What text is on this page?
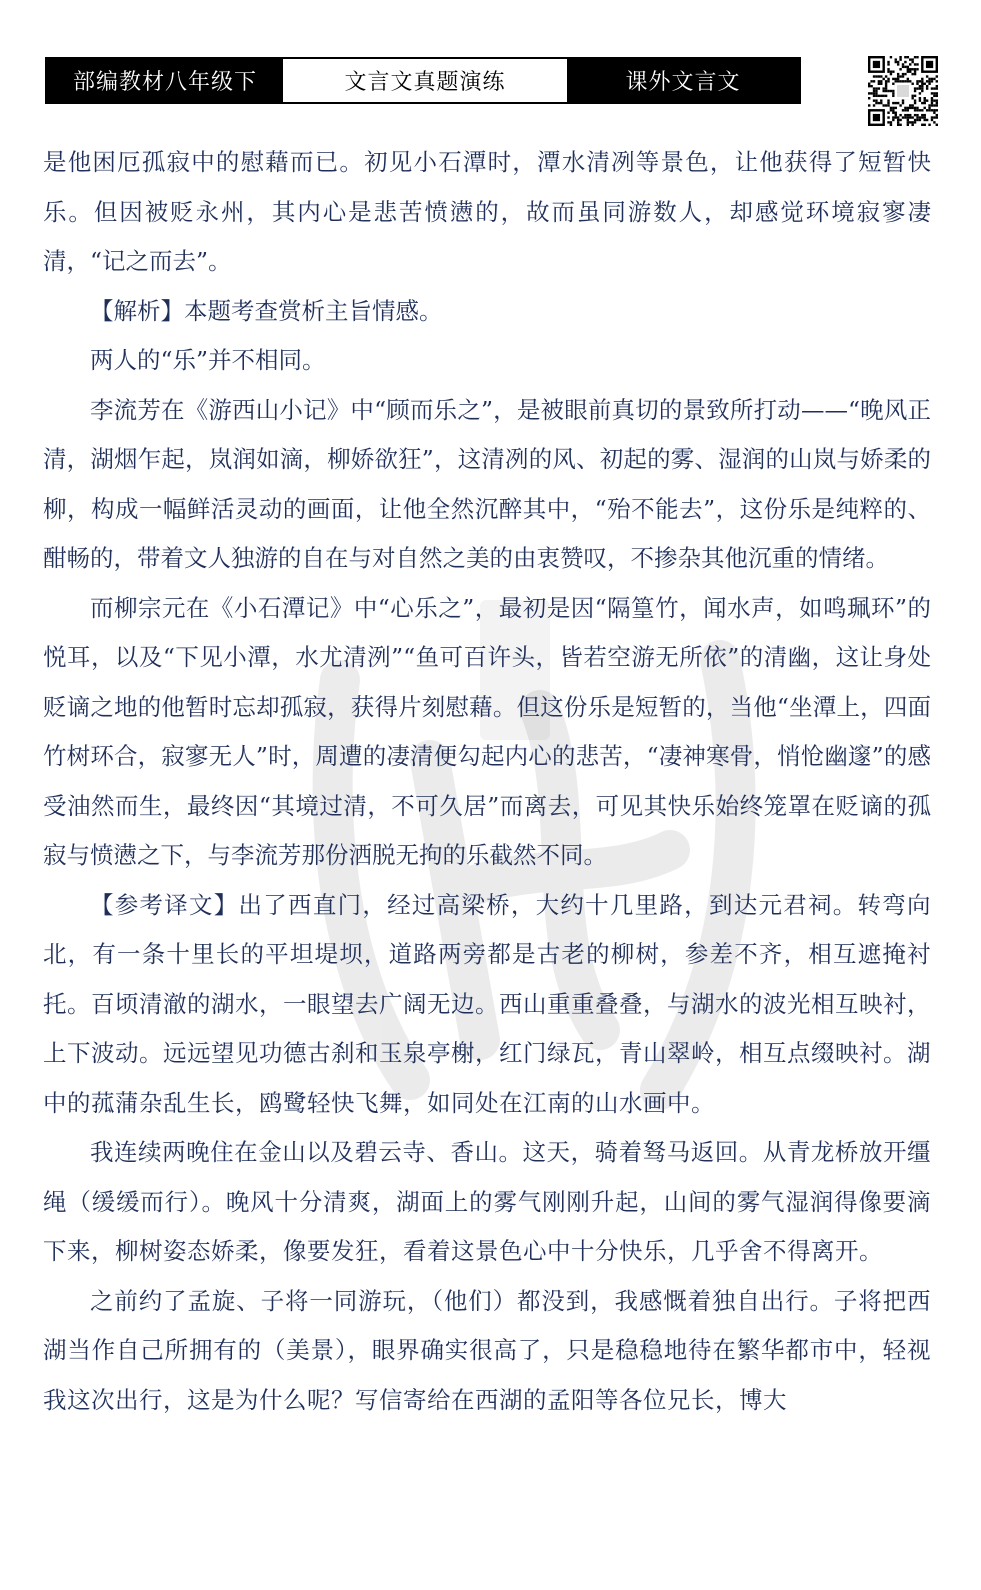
部编教材八年级下	文言文真题演练	课外文言文

是他困厄孤寂中的慰藉而已。初见小石潭时，潭水清冽等景色，让他获得了短暂快乐。但因被贬永州，其内心是悲苦愤懑的，故而虽同游数人，却感觉环境寂寥凄清，“记之而去”。

【解析】本题考查赏析主旨情感。

两人的“乐”并不相同。

李流芳在《游西山小记》中“顾而乐之”，是被眼前真切的景致所打动——“晚风正清，湖烟乍起，岚润如滴，柳娇欲狂”，这清冽的风、初起的雾、湿润的山岚与娇柔的柳，构成一幅鲜活灵动的画面，让他全然沉醉其中，“殆不能去”，这份乐是纯粹的、酣畅的，带着文人独游的自在与对自然之美的由衷赞叹，不掺杂其他沉重的情绪。

而柳宗元在《小石潭记》中“心乐之”，最初是因“隔篁竹，闻水声，如鸣珮环”的悦耳，以及“下见小潭，水尤清洌”“鱼可百许头，皆若空游无所依”的清幽，这让身处贬谪之地的他暂时忘却孤寂，获得片刻慰藉。但这份乐是短暂的，当他“坐潭上，四面竹树环合，寂寥无人”时，周遭的凄清便勾起内心的悲苦，“凄神寒骨，悄怆幽邃”的感受油然而生，最终因“其境过清，不可久居”而离去，可见其快乐始终笼罩在贬谪的孤寂与愤懑之下，与李流芳那份洒脱无拘的乐截然不同。

【参考译文】出了西直门，经过高梁桥，大约十几里路，到达元君祠。转弯向北，有一条十里长的平坦堤坝，道路两旁都是古老的柳树，参差不齐，相互遮掩衬托。百顷清澈的湖水，一眼望去广阔无边。西山重重叠叠，与湖水的波光相互映衬，上下波动。远远望见功德古刹和玉泉亭榭，红门绿瓦，青山翠岭，相互点缀映衬。湖中的菰蒲杂乱生长，鸥鹭轻快飞舞，如同处在江南的山水画中。

我连续两晚住在金山以及碧云寺、香山。这天，骑着驽马返回。从青龙桥放开缰绳（缓缓而行）。晚风十分清爽，湖面上的雾气刚刚升起，山间的雾气湿润得像要滴下来，柳树姿态娇柔，像要发狂，看着这景色心中十分快乐，几乎舍不得离开。

之前约了孟旋、子将一同游玩，（他们）都没到，我感慨着独自出行。子将把西湖当作自己所拥有的（美景），眼界确实很高了，只是稳稳地待在繁华都市中，轻视我这次出行，这是为什么呢？写信寄给在西湖的孟阳等各位兄长，博大
